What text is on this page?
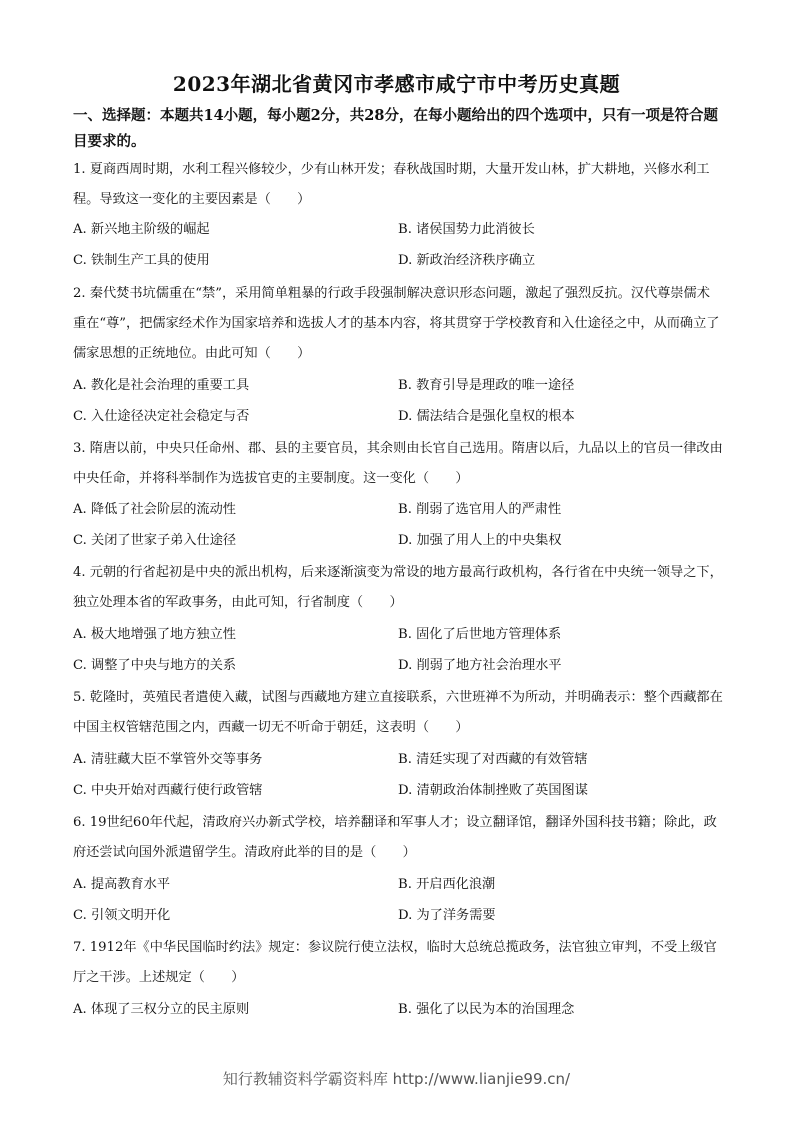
2023年湖北省黄冈市孝感市咸宁市中考历史真题
一、选择题：本题共14小题，每小题2分，共28分，在每小题给出的四个选项中，只有一项是符合题目要求的。
1. 夏商西周时期，水利工程兴修较少，少有山林开发；春秋战国时期，大量开发山林，扩大耕地，兴修水利工程。导致这一变化的主要因素是（　　）
A. 新兴地主阶级的崛起	B. 诸侯国势力此消彼长
C. 铁制生产工具的使用	D. 新政治经济秩序确立
2. 秦代焚书坑儒重在“禁”，采用简单粗暴的行政手段强制解决意识形态问题，激起了强烈反抗。汉代尊崇儒术重在“尊”，把儒家经术作为国家培养和选拔人才的基本内容，将其贯穿于学校教育和入仕途径之中，从而确立了儒家思想的正统地位。由此可知（　　）
A. 教化是社会治理的重要工具	B. 教育引导是理政的唯一途径
C. 入仕途径决定社会稳定与否	D. 儒法结合是强化皇权的根本
3. 隋唐以前，中央只任命州、郡、县的主要官员，其余则由长官自己选用。隋唐以后，九品以上的官员一律改由中央任命，并将科举制作为选拔官吏的主要制度。这一变化（　　）
A. 降低了社会阶层的流动性	B. 削弱了选官用人的严肃性
C. 关闭了世家子弟入仕途径	D. 加强了用人上的中央集权
4. 元朝的行省起初是中央的派出机构，后来逐渐演变为常设的地方最高行政机构，各行省在中央统一领导之下，独立处理本省的军政事务，由此可知，行省制度（　　）
A. 极大地增强了地方独立性	B. 固化了后世地方管理体系
C. 调整了中央与地方的关系	D. 削弱了地方社会治理水平
5. 乾隆时，英殖民者遣使入藏，试图与西藏地方建立直接联系，六世班禅不为所动，并明确表示：整个西藏都在中国主权管辖范围之内，西藏一切无不听命于朝廷，这表明（　　）
A. 清驻藏大臣不掌管外交等事务	B. 清廷实现了对西藏的有效管辖
C. 中央开始对西藏行使行政管辖	D. 清朝政治体制挫败了英国图谋
6. 19世纪60年代起，清政府兴办新式学校，培养翻译和军事人才；设立翻译馆，翻译外国科技书籍；除此，政府还尝试向国外派遣留学生。清政府此举的目的是（　　）
A. 提高教育水平	B. 开启西化浪潮
C. 引领文明开化	D. 为了洋务需要
7. 1912年《中华民国临时约法》规定：参议院行使立法权，临时大总统总揽政务，法官独立审判，不受上级官厅之干涉。上述规定（　　）
A. 体现了三权分立的民主原则	B. 强化了以民为本的治国理念
知行教辅资料学霸资料库 http://www.lianjie99.cn/
